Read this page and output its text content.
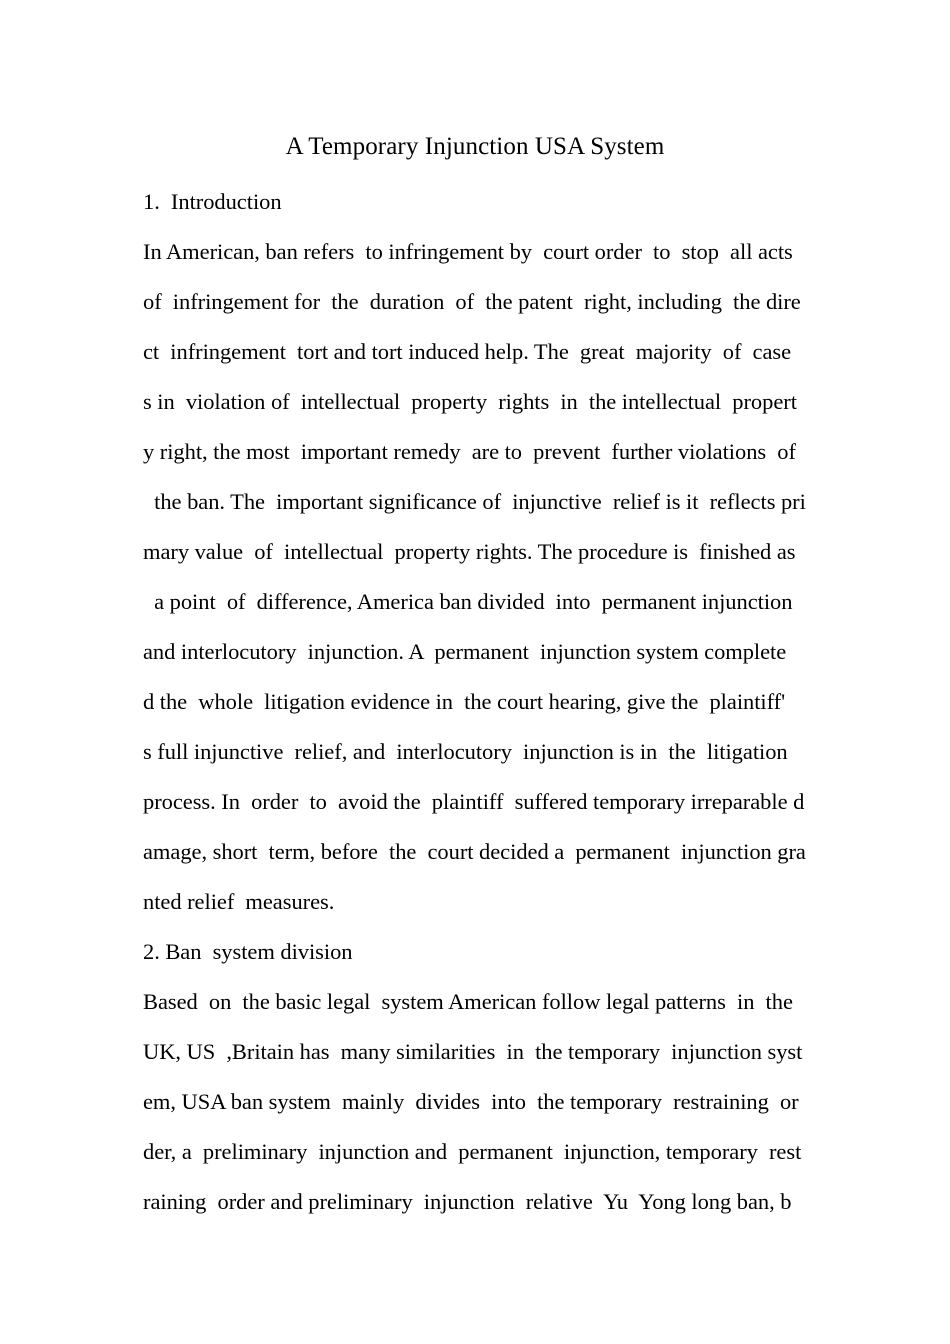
A Temporary Injunction USA System
1.  Introduction
In American, ban refers  to infringement by  court order  to  stop  all acts
of  infringement for  the  duration  of  the patent  right, including  the dire
ct  infringement  tort and tort induced help. The  great  majority  of  case
s in  violation of  intellectual  property  rights  in  the intellectual  propert
y right, the most  important remedy  are to  prevent  further violations  of
the ban. The  important significance of  injunctive  relief is it  reflects pri
mary value  of  intellectual  property rights. The procedure is  finished as
a point  of  difference, America ban divided  into  permanent injunction
and interlocutory  injunction. A  permanent  injunction system complete
d the  whole  litigation evidence in  the court hearing, give the  plaintiff'
s full injunctive  relief, and  interlocutory  injunction is in  the  litigation
process. In  order  to  avoid the  plaintiff  suffered temporary irreparable d
amage, short  term, before  the  court decided a  permanent  injunction gra
nted relief  measures.
2. Ban  system division
Based  on  the basic legal  system American follow legal patterns  in  the
UK, US  ,Britain has  many similarities  in  the temporary  injunction syst
em, USA ban system  mainly  divides  into  the temporary  restraining  or
der, a  preliminary  injunction and  permanent  injunction, temporary  rest
raining  order and preliminary  injunction  relative  Yu  Yong long ban, b
